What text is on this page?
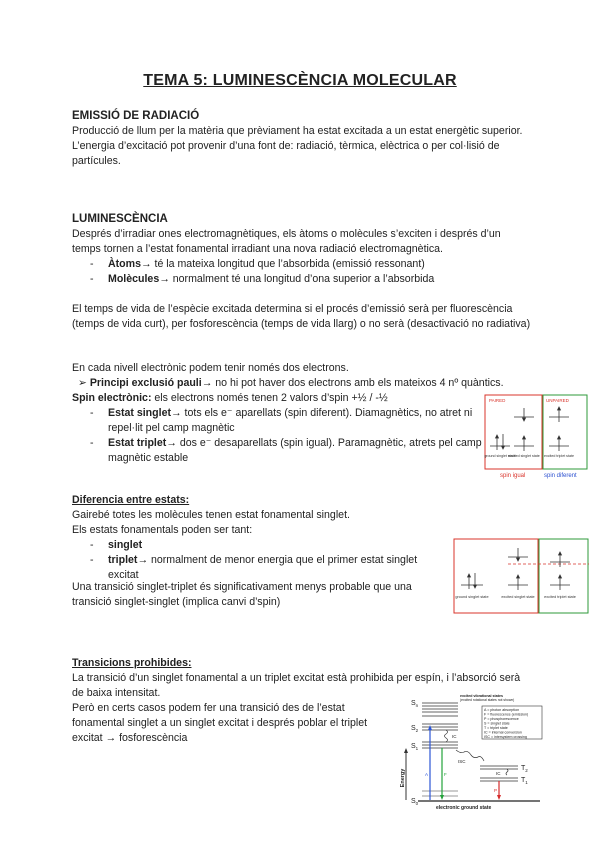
TEMA 5: LUMINESCÈNCIA MOLECULAR
EMISSIÓ DE RADIACIÓ
Producció de llum per la matèria que prèviament ha estat excitada a un estat energètic superior.
L’energia d’excitació pot provenir d’una font de: radiació, tèrmica, elèctrica o per col·lisió de partícules.
LUMINESCÈNCIA
Després d’irradiar ones electromagnètiques, els àtoms o molècules s’exciten i després d’un temps tornen a l’estat fonamental irradiant una nova radiació electromagnètica.
- Àtoms→ té la mateixa longitud que l’absorbida (emissió ressonant)
- Molècules→ normalment té una longitud d’ona superior a l’absorbida
El temps de vida de l’espècie excitada determina si el procés d’emissió serà per fluorescència (temps de vida curt), per fosforescència (temps de vida llarg) o no serà (desactivació no radiativa)
En cada nivell electrònic podem tenir només dos electrons.
➢ Principi exclusió pauli→ no hi pot haver dos electrons amb els mateixos 4 nº quàntics.
Spin electrònic: els electrons només tenen 2 valors d’spin +½ / -½
- Estat singlet→ tots els e⁻ aparellats (spin diferent). Diamagnètics, no atret ni repel·lit pel camp magnètic
- Estat triplet→ dos e⁻ desaparellats (spin igual). Paramagnètic, atrets pel camp magnètic estable
PAIRED	UNPAIRED
ground singlet state
excited singlet state excited triplet state
spin igual	spin diferent
Diferencia entre estats:
Gairebé totes les molècules tenen estat fonamental singlet.
Els estats fonamentals poden ser tant:
- singlet
- triplet→ normalment de menor energia que el primer estat singlet excitat
Una transició singlet-triplet és significativament menys probable que una transició singlet-singlet (implica canvi d’spin)	ground singlet state	excited singlet state excited triplet state
Transicions prohibides:
La transició d’un singlet fonamental a un triplet excitat està prohibida per espín, i l’absorció serà de baixa intensitat.
Però en certs casos podem fer una transició des de l’estat fonamental singlet a un singlet excitat i després poblar el triplet excitat → fosforescència
Energy
$S_n$
$S_2$
$S_1$
$S_0$
$T_2$
$T_1$
excited vibrational states
(excited rotational states not shown)
A = photon absorption
F = fluorescence (emission)
P = phosphorescence
S = singlet state
T = triplet state
IC = internal conversion
ISC = intersystem crossing
IC
ISC
IC
A	F
P
electronic ground state
